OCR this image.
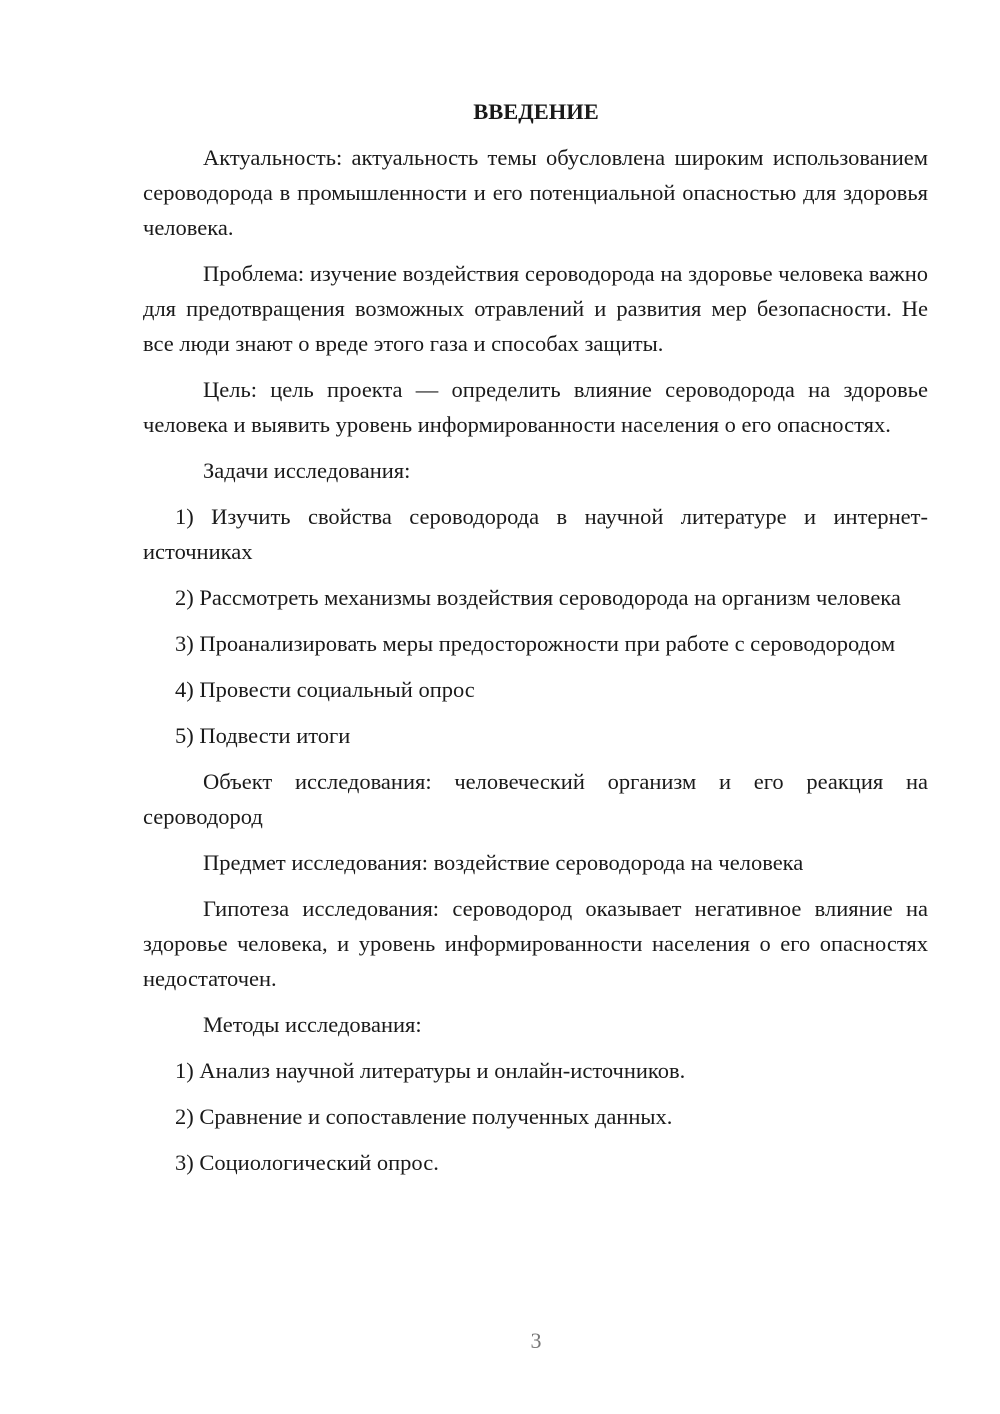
ВВЕДЕНИЕ

Актуальность: актуальность темы обусловлена широким использованием сероводорода в промышленности и его потенциальной опасностью для здоровья человека.

Проблема: изучение воздействия сероводорода на здоровье человека важно для предотвращения возможных отравлений и развития мер безопасности. Не все люди знают о вреде этого газа и способах защиты.

Цель: цель проекта — определить влияние сероводорода на здоровье человека и выявить уровень информированности населения о его опасностях.

Задачи исследования:

1) Изучить свойства сероводорода в научной литературе и интернет-источниках

2) Рассмотреть механизмы воздействия сероводорода на организм человека

3) Проанализировать меры предосторожности при работе с сероводородом

4) Провести социальный опрос

5) Подвести итоги

Объект исследования: человеческий организм и его реакция на сероводород

Предмет исследования: воздействие сероводорода на человека

Гипотеза исследования: сероводород оказывает негативное влияние на здоровье человека, и уровень информированности населения о его опасностях недостаточен.

Методы исследования:

1) Анализ научной литературы и онлайн-источников.

2) Сравнение и сопоставление полученных данных.

3) Социологический опрос.

3
